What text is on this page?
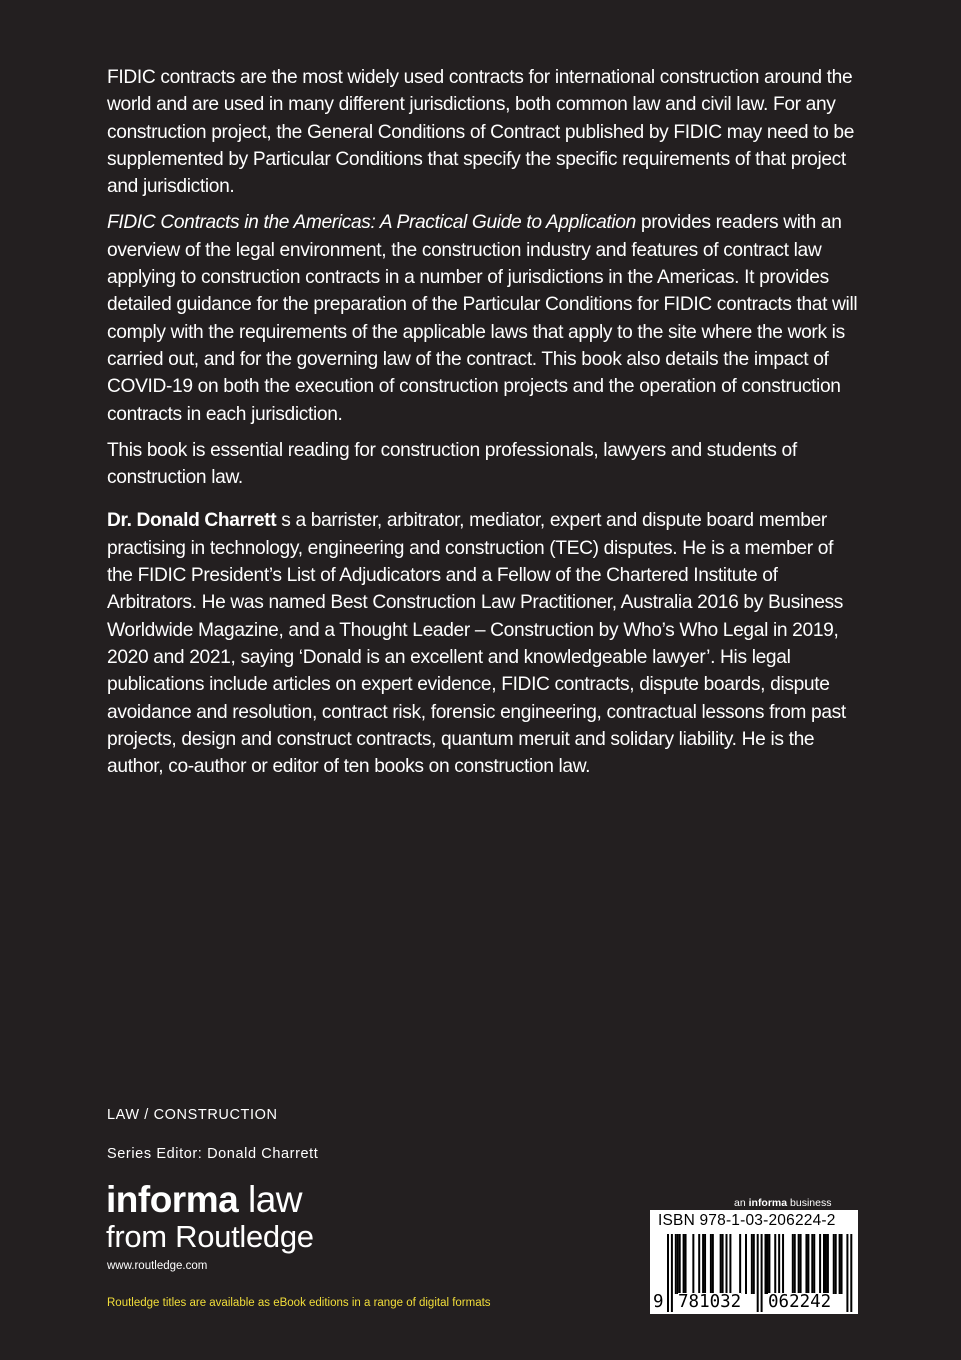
FIDIC contracts are the most widely used contracts for international construction around the world and are used in many different jurisdictions, both common law and civil law. For any construction project, the General Conditions of Contract published by FIDIC may need to be supplemented by Particular Conditions that specify the specific requirements of that project and jurisdiction.

FIDIC Contracts in the Americas: A Practical Guide to Application provides readers with an overview of the legal environment, the construction industry and features of contract law applying to construction contracts in a number of jurisdictions in the Americas. It provides detailed guidance for the preparation of the Particular Conditions for FIDIC contracts that will comply with the requirements of the applicable laws that apply to the site where the work is carried out, and for the governing law of the contract. This book also details the impact of COVID-19 on both the execution of construction projects and the operation of construction contracts in each jurisdiction.

This book is essential reading for construction professionals, lawyers and students of construction law.

Dr. Donald Charrett s a barrister, arbitrator, mediator, expert and dispute board member practising in technology, engineering and construction (TEC) disputes. He is a member of the FIDIC President’s List of Adjudicators and a Fellow of the Chartered Institute of Arbitrators. He was named Best Construction Law Practitioner, Australia 2016 by Business Worldwide Magazine, and a Thought Leader – Construction by Who’s Who Legal in 2019, 2020 and 2021, saying ‘Donald is an excellent and knowledgeable lawyer’. His legal publications include articles on expert evidence, FIDIC contracts, dispute boards, dispute avoidance and resolution, contract risk, forensic engineering, contractual lessons from past projects, design and construct contracts, quantum meruit and solidary liability. He is the author, co-author or editor of ten books on construction law.

LAW / CONSTRUCTION
Series Editor: Donald Charrett
informa law
from Routledge
www.routledge.com
Routledge titles are available as eBook editions in a range of digital formats
an informa business
ISBN 978-1-03-206224-2
9 781032 062242
